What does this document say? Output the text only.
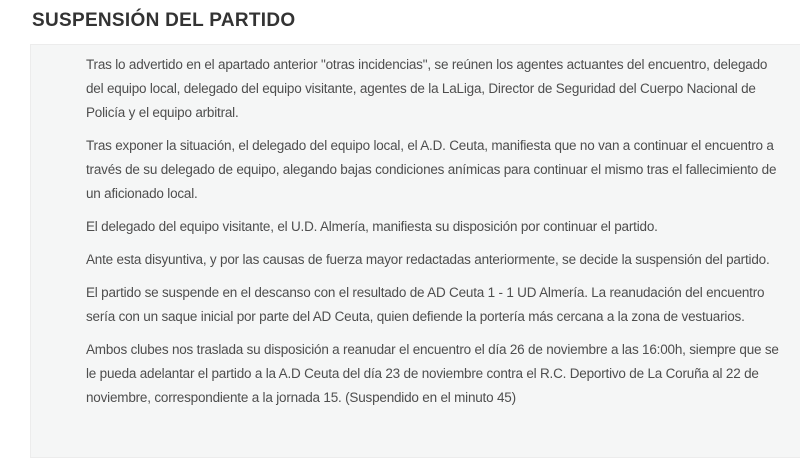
SUSPENSIÓN DEL PARTIDO

Tras lo advertido en el apartado anterior "otras incidencias", se reúnen los agentes actuantes del encuentro, delegado del equipo local, delegado del equipo visitante, agentes de la LaLiga, Director de Seguridad del Cuerpo Nacional de Policía y el equipo arbitral.

Tras exponer la situación, el delegado del equipo local, el A.D. Ceuta, manifiesta que no van a continuar el encuentro a través de su delegado de equipo, alegando bajas condiciones anímicas para continuar el mismo tras el fallecimiento de un aficionado local.

El delegado del equipo visitante, el U.D. Almería, manifiesta su disposición por continuar el partido.

Ante esta disyuntiva, y por las causas de fuerza mayor redactadas anteriormente, se decide la suspensión del partido.

El partido se suspende en el descanso con el resultado de AD Ceuta 1 - 1 UD Almería. La reanudación del encuentro sería con un saque inicial por parte del AD Ceuta, quien defiende la portería más cercana a la zona de vestuarios.

Ambos clubes nos traslada su disposición a reanudar el encuentro el día 26 de noviembre a las 16:00h, siempre que se le pueda adelantar el partido a la A.D Ceuta del día 23 de noviembre contra el R.C. Deportivo de La Coruña al 22 de noviembre, correspondiente a la jornada 15. (Suspendido en el minuto 45)
